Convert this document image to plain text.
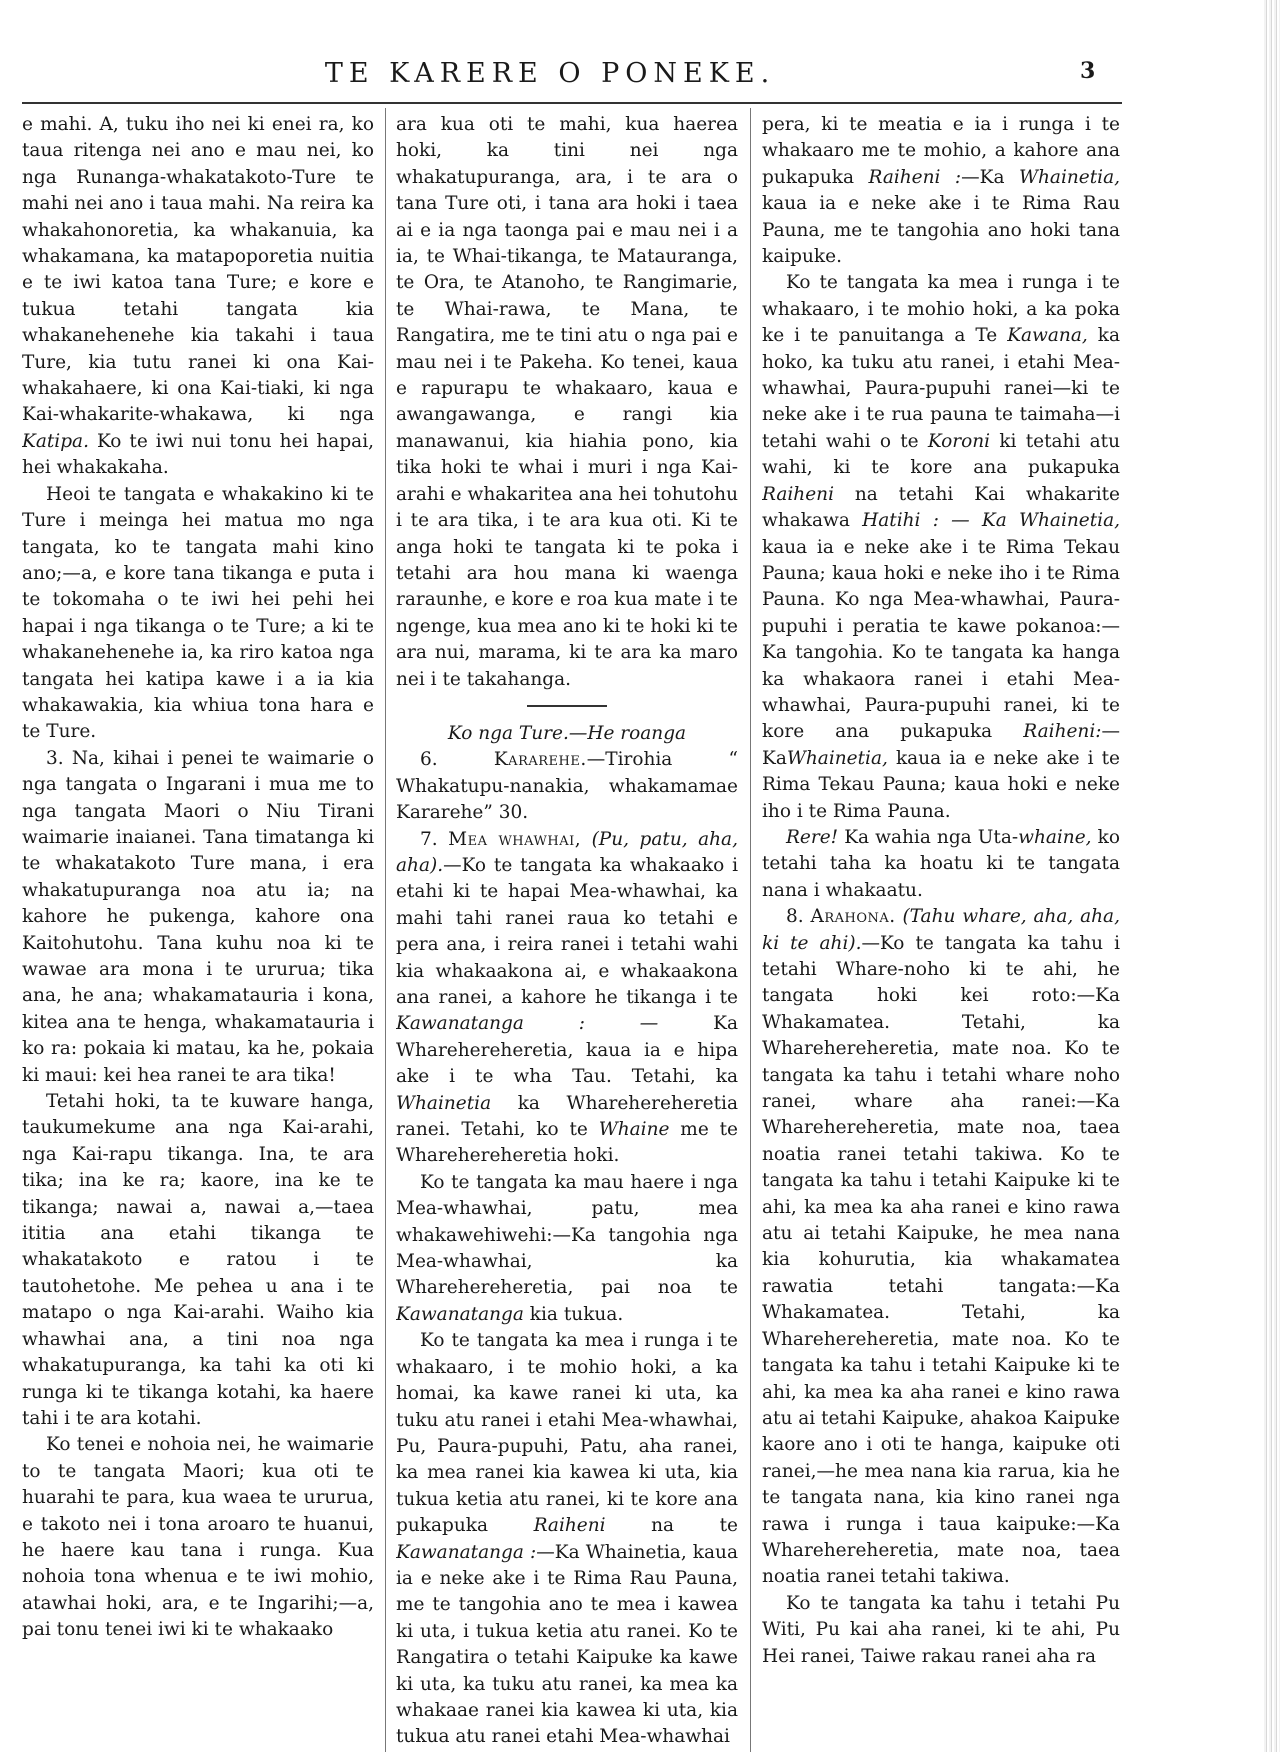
TE KARERE O PONEKE.	3

e mahi. A, tuku iho nei ki enei ra, ko taua ritenga nei ano e mau nei, ko nga Runanga-whakatakoto-Ture te mahi nei ano i taua mahi. Na reira ka whakahonoretia, ka whakanuia, ka whakamana, ka matapoporetia nuitia e te iwi katoa tana Ture; e kore e tukua tetahi tangata kia whakanehenehe kia takahi i taua Ture, kia tutu ranei ki ona Kai-whakahaere, ki ona Kai-tiaki, ki nga Kai-whakarite-whakawa, ki nga Katipa. Ko te iwi nui tonu hei hapai, hei whakakaha.

Heoi te tangata e whakakino ki te Ture i meinga hei matua mo nga tangata, ko te tangata mahi kino ano;—a, e kore tana tikanga e puta i te tokomaha o te iwi hei pehi hei hapai i nga tikanga o te Ture; a ki te whakanehenehe ia, ka riro katoa nga tangata hei katipa kawe i a ia kia whakawakia, kia whiua tona hara e te Ture.

3. Na, kihai i penei te waimarie o nga tangata o Ingarani i mua me to nga tangata Maori o Niu Tirani waimarie inaianei. Tana timatanga ki te whakatakoto Ture mana, i era whakatupuranga noa atu ia; na kahore he pukenga, kahore ona Kaitohutohu. Tana kuhu noa ki te wawae ara mona i te ururua; tika ana, he ana; whakamatauria i kona, kitea ana te henga, whakamatauria i ko ra: pokaia ki matau, ka he, pokaia ki maui: kei hea ranei te ara tika!

Tetahi hoki, ta te kuware hanga, taukumekume ana nga Kai-arahi, nga Kai-rapu tikanga. Ina, te ara tika; ina ke ra; kaore, ina ke te tikanga; nawai a, nawai a,—taea ititia ana etahi tikanga te whakatakoto e ratou i te tautohetohe. Me pehea u ana i te matapo o nga Kai-arahi. Waiho kia whawhai ana, a tini noa nga whakatupuranga, ka tahi ka oti ki runga ki te tikanga kotahi, ka haere tahi i te ara kotahi.

Ko tenei e nohoia nei, he waimarie to te tangata Maori; kua oti te huarahi te para, kua waea te ururua, e takoto nei i tona aroaro te huanui, he haere kau tana i runga. Kua nohoia tona whenua e te iwi mohio, atawhai hoki, ara, e te Ingarihi;—a, pai tonu tenei iwi ki te whakaako

ara kua oti te mahi, kua haerea hoki, ka tini nei nga whakatupuranga, ara, i te ara o tana Ture oti, i tana ara hoki i taea ai e ia nga taonga pai e mau nei i a ia, te Whai-tikanga, te Matauranga, te Ora, te Atanoho, te Rangimarie, te Whai-rawa, te Mana, te Rangatira, me te tini atu o nga pai e mau nei i te Pakeha. Ko tenei, kaua e rapurapu te whakaaro, kaua e awangawanga, e rangi kia manawanui, kia hiahia pono, kia tika hoki te whai i muri i nga Kai-arahi e whakaritea ana hei tohutohu i te ara tika, i te ara kua oti. Ki te anga hoki te tangata ki te poka i tetahi ara hou mana ki waenga raraunhe, e kore e roa kua mate i te ngenge, kua mea ano ki te hoki ki te ara nui, marama, ki te ara ka maro nei i te takahanga.

Ko nga Ture.—He roanga

6.	Kararehe.—Tirohia “ Whakatupu-nanakia, whakamamae Kararehe” 30.

7. Mea whawhai, (Pu, patu, aha, aha).—Ko te tangata ka whakaako i etahi ki te hapai Mea-whawhai, ka mahi tahi ranei raua ko tetahi e pera ana, i reira ranei i tetahi wahi kia whakaakona ai, e whakaakona ana ranei, a kahore he tikanga i te Kawanatanga : — Ka Wharehereheretia, kaua ia e hipa ake i te wha Tau. Tetahi, ka Whainetia ka Wharehereheretia ranei. Tetahi, ko te Whaine me te Wharehereheretia hoki.

Ko te tangata ka mau haere i nga Mea-whawhai, patu, mea whakawehiwehi:—Ka tangohia nga Mea-whawhai, ka Wharehereheretia, pai noa te Kawanatanga kia tukua.

Ko te tangata ka mea i runga i te whakaaro, i te mohio hoki, a ka homai, ka kawe ranei ki uta, ka tuku atu ranei i etahi Mea-whawhai, Pu, Paura-pupuhi, Patu, aha ranei, ka mea ranei kia kawea ki uta, kia tukua ketia atu ranei, ki te kore ana pukapuka Raiheni na te Kawanatanga :—Ka Whainetia, kaua ia e neke ake i te Rima Rau Pauna, me te tangohia ano te mea i kawea ki uta, i tukua ketia atu ranei. Ko te Rangatira o tetahi Kaipuke ka kawe ki uta, ka tuku atu ranei, ka mea ka whakaae ranei kia kawea ki uta, kia tukua atu ranei etahi Mea-whawhai

pera, ki te meatia e ia i runga i te whakaaro me te mohio, a kahore ana pukapuka Raiheni :—Ka Whainetia, kaua ia e neke ake i te Rima Rau Pauna, me te tangohia ano hoki tana kaipuke.

Ko te tangata ka mea i runga i te whakaaro, i te mohio hoki, a ka poka ke i te panuitanga a Te Kawana, ka hoko, ka tuku atu ranei, i etahi Mea-whawhai, Paura-pupuhi ranei—ki te neke ake i te rua pauna te taimaha—i tetahi wahi o te Koroni ki tetahi atu wahi, ki te kore ana pukapuka Raiheni na tetahi Kai whakarite whakawa Hatihi : — Ka Whainetia, kaua ia e neke ake i te Rima Tekau Pauna; kaua hoki e neke iho i te Rima Pauna. Ko nga Mea-whawhai, Paura-pupuhi i peratia te kawe pokanoa:—Ka tangohia. Ko te tangata ka hanga ka whakaora ranei i etahi Mea-whawhai, Paura-pupuhi ranei, ki te kore ana pukapuka Raiheni:—KaWhainetia, kaua ia e neke ake i te Rima Tekau Pauna; kaua hoki e neke iho i te Rima Pauna.

Rere! Ka wahia nga Uta-whaine, ko tetahi taha ka hoatu ki te tangata nana i whakaatu.

8. Arahona. (Tahu whare, aha, aha, ki te ahi).—Ko te tangata ka tahu i tetahi Whare-noho ki te ahi, he tangata hoki kei roto:—Ka Whakamatea. Tetahi, ka Wharehereheretia, mate noa. Ko te tangata ka tahu i tetahi whare noho ranei, whare aha ranei:—Ka Wharehereheretia, mate noa, taea noatia ranei tetahi takiwa. Ko te tangata ka tahu i tetahi Kaipuke ki te ahi, ka mea ka aha ranei e kino rawa atu ai tetahi Kaipuke, he mea nana kia kohurutia, kia whakamatea rawatia tetahi tangata:—Ka Whakamatea. Tetahi, ka Wharehereheretia, mate noa. Ko te tangata ka tahu i tetahi Kaipuke ki te ahi, ka mea ka aha ranei e kino rawa atu ai tetahi Kaipuke, ahakoa Kaipuke kaore ano i oti te hanga, kaipuke oti ranei,—he mea nana kia rarua, kia he te tangata nana, kia kino ranei nga rawa i runga i taua kaipuke:—Ka Wharehereheretia, mate noa, taea noatia ranei tetahi takiwa.

Ko te tangata ka tahu i tetahi Pu Witi, Pu kai aha ranei, ki te ahi, Pu Hei ranei, Taiwe rakau ranei aha ra
